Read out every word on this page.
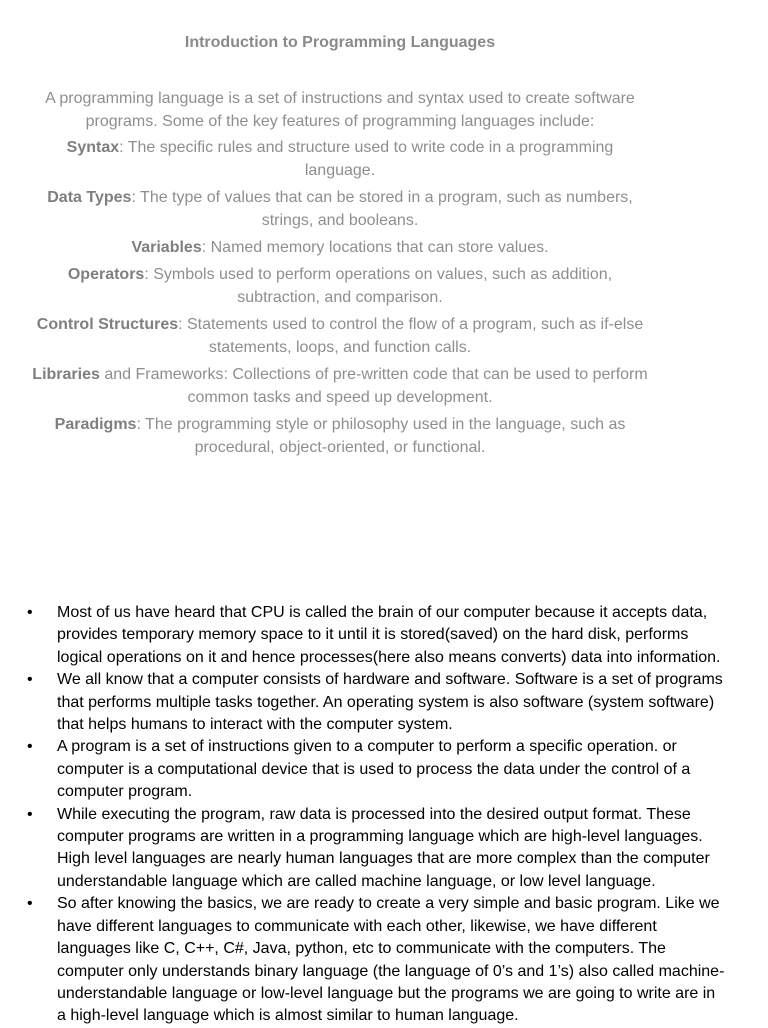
Introduction to Programming Languages

A programming language is a set of instructions and syntax used to create software programs. Some of the key features of programming languages include:

Syntax: The specific rules and structure used to write code in a programming language.

Data Types: The type of values that can be stored in a program, such as numbers, strings, and booleans.

Variables: Named memory locations that can store values.

Operators: Symbols used to perform operations on values, such as addition, subtraction, and comparison.

Control Structures: Statements used to control the flow of a program, such as if-else statements, loops, and function calls.

Libraries and Frameworks: Collections of pre-written code that can be used to perform common tasks and speed up development.

Paradigms: The programming style or philosophy used in the language, such as procedural, object-oriented, or functional.

• Most of us have heard that CPU is called the brain of our computer because it accepts data, provides temporary memory space to it until it is stored(saved) on the hard disk, performs logical operations on it and hence processes(here also means converts) data into information.
• We all know that a computer consists of hardware and software. Software is a set of programs that performs multiple tasks together. An operating system is also software (system software) that helps humans to interact with the computer system.
• A program is a set of instructions given to a computer to perform a specific operation. or computer is a computational device that is used to process the data under the control of a computer program.
• While executing the program, raw data is processed into the desired output format. These computer programs are written in a programming language which are high-level languages. High level languages are nearly human languages that are more complex than the computer understandable language which are called machine language, or low level language.
• So after knowing the basics, we are ready to create a very simple and basic program. Like we have different languages to communicate with each other, likewise, we have different languages like C, C++, C#, Java, python, etc to communicate with the computers. The computer only understands binary language (the language of 0’s and 1’s) also called machine-understandable language or low-level language but the programs we are going to write are in a high-level language which is almost similar to human language.
